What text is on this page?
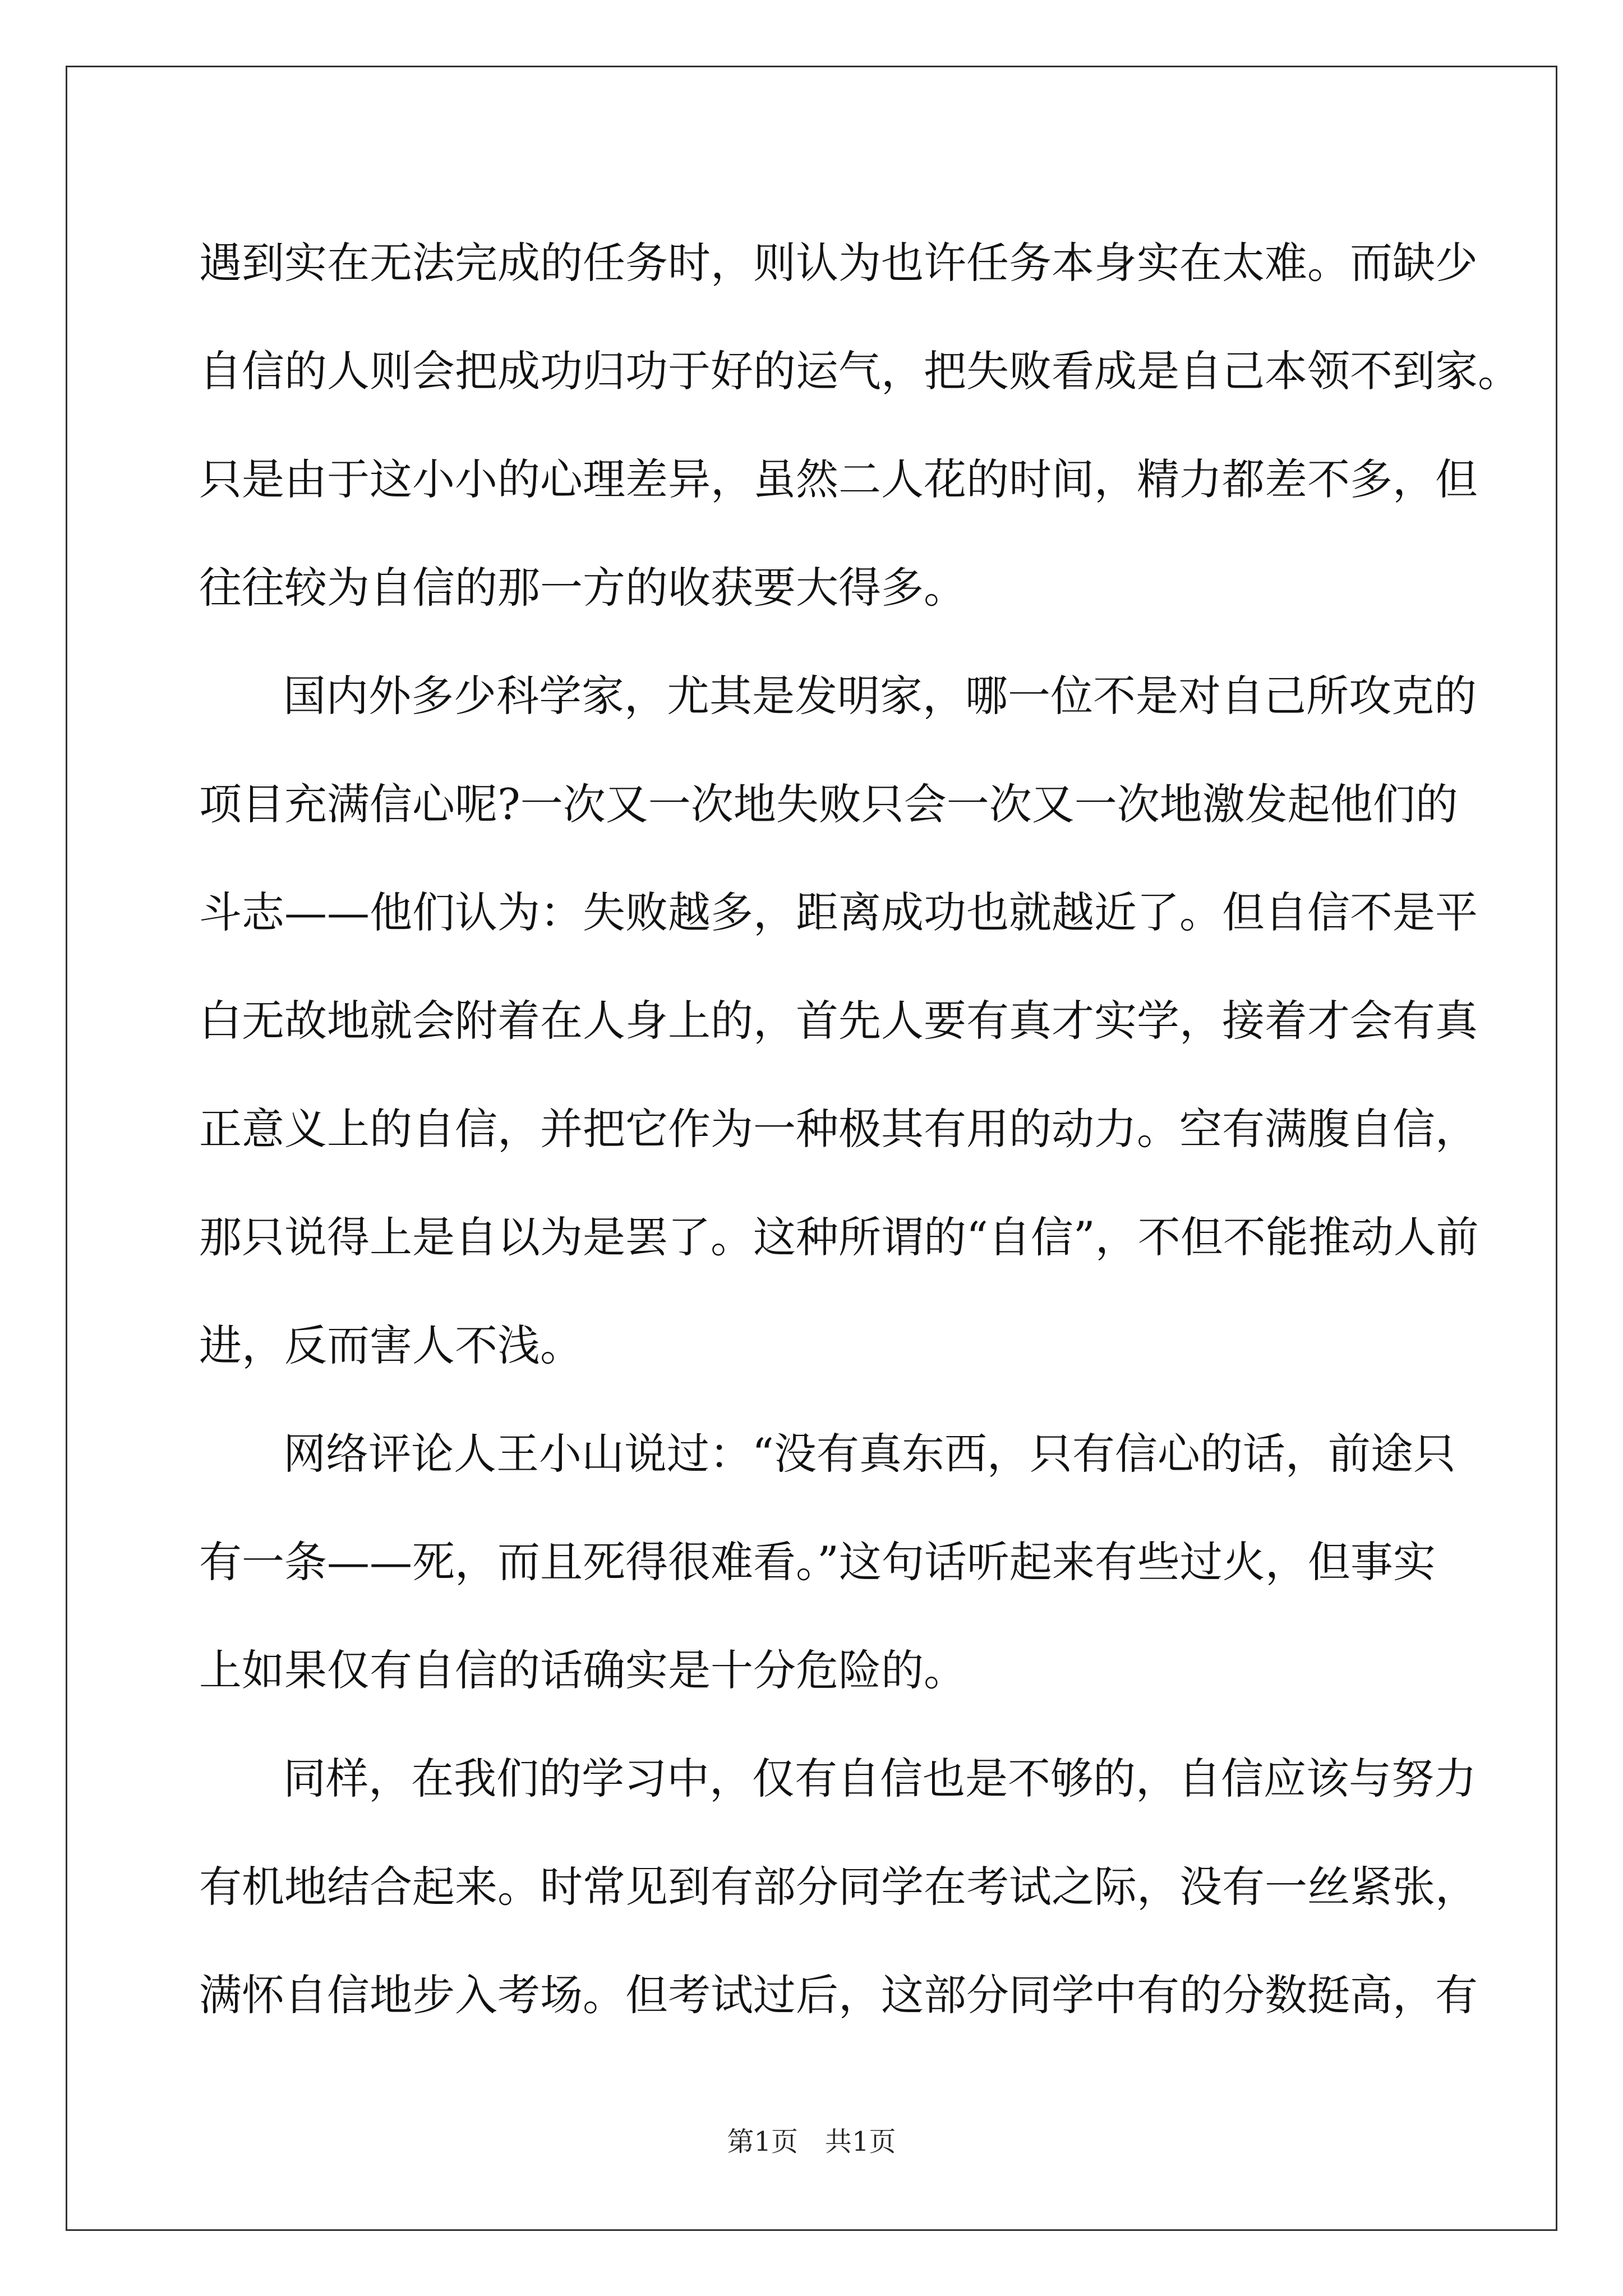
遇到实在无法完成的任务时，则认为也许任务本身实在太难。而缺少
自信的人则会把成功归功于好的运气，把失败看成是自己本领不到家。
只是由于这小小的心理差异，虽然二人花的时间，精力都差不多，但
往往较为自信的那一方的收获要大得多。
国内外多少科学家，尤其是发明家，哪一位不是对自己所攻克的
项目充满信心呢?一次又一次地失败只会一次又一次地激发起他们的
斗志——他们认为：失败越多，距离成功也就越近了。但自信不是平
白无故地就会附着在人身上的，首先人要有真才实学，接着才会有真
正意义上的自信，并把它作为一种极其有用的动力。空有满腹自信，
那只说得上是自以为是罢了。这种所谓的“自信”，不但不能推动人前
进，反而害人不浅。
网络评论人王小山说过：“没有真东西，只有信心的话，前途只
有一条——死，而且死得很难看。”这句话听起来有些过火，但事实
上如果仅有自信的话确实是十分危险的。
同样，在我们的学习中，仅有自信也是不够的，自信应该与努力
有机地结合起来。时常见到有部分同学在考试之际，没有一丝紧张，
满怀自信地步入考场。但考试过后，这部分同学中有的分数挺高，有
第1页　共1页
